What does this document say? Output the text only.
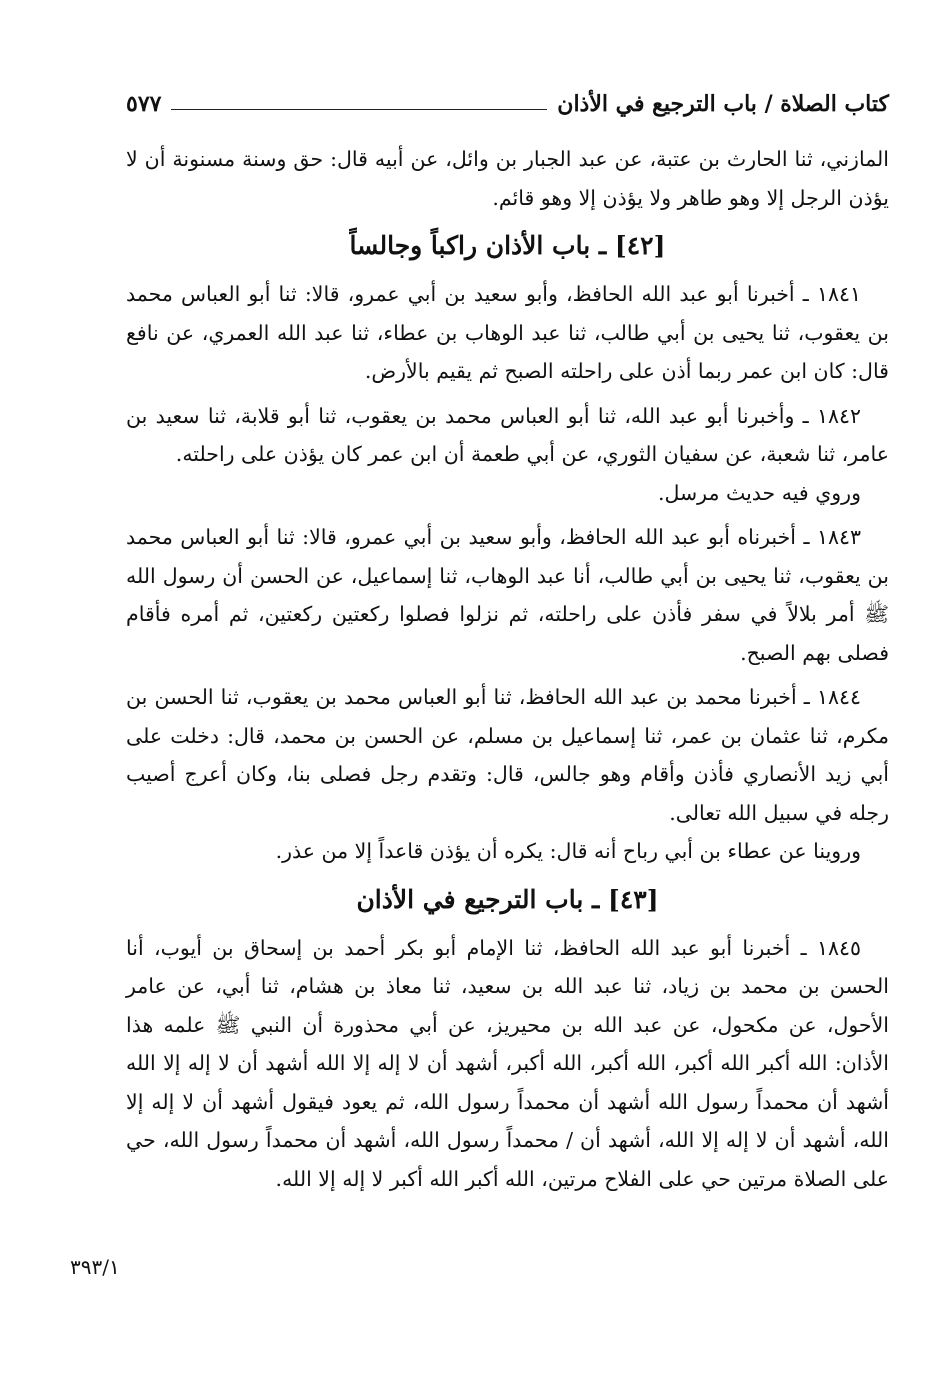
كتاب الصلاة / باب الترجيع في الأذان
٥٧٧

المازني، ثنا الحارث بن عتبة، عن عبد الجبار بن وائل، عن أبيه قال: حق وسنة مسنونة أن لا يؤذن الرجل إلا وهو طاهر ولا يؤذن إلا وهو قائم.

[٤٢] ـ باب الأذان راكباً وجالساً

١٨٤١ ـ أخبرنا أبو عبد الله الحافظ، وأبو سعيد بن أبي عمرو، قالا: ثنا أبو العباس محمد بن يعقوب، ثنا يحيى بن أبي طالب، ثنا عبد الوهاب بن عطاء، ثنا عبد الله العمري، عن نافع قال: كان ابن عمر ربما أذن على راحلته الصبح ثم يقيم بالأرض.

١٨٤٢ ـ وأخبرنا أبو عبد الله، ثنا أبو العباس محمد بن يعقوب، ثنا أبو قلابة، ثنا سعيد بن عامر، ثنا شعبة، عن سفيان الثوري، عن أبي طعمة أن ابن عمر كان يؤذن على راحلته.

وروي فيه حديث مرسل.

١٨٤٣ ـ أخبرناه أبو عبد الله الحافظ، وأبو سعيد بن أبي عمرو، قالا: ثنا أبو العباس محمد بن يعقوب، ثنا يحيى بن أبي طالب، أنا عبد الوهاب، ثنا إسماعيل، عن الحسن أن رسول الله ﷺ أمر بلالاً في سفر فأذن على راحلته، ثم نزلوا فصلوا ركعتين ركعتين، ثم أمره فأقام فصلى بهم الصبح.

١٨٤٤ ـ أخبرنا محمد بن عبد الله الحافظ، ثنا أبو العباس محمد بن يعقوب، ثنا الحسن بن مكرم، ثنا عثمان بن عمر، ثنا إسماعيل بن مسلم، عن الحسن بن محمد، قال: دخلت على أبي زيد الأنصاري فأذن وأقام وهو جالس، قال: وتقدم رجل فصلى بنا، وكان أعرج أصيب رجله في سبيل الله تعالى.

وروينا عن عطاء بن أبي رباح أنه قال: يكره أن يؤذن قاعداً إلا من عذر.

[٤٣] ـ باب الترجيع في الأذان

١٨٤٥ ـ أخبرنا أبو عبد الله الحافظ، ثنا الإمام أبو بكر أحمد بن إسحاق بن أيوب، أنا الحسن بن محمد بن زياد، ثنا عبد الله بن سعيد، ثنا معاذ بن هشام، ثنا أبي، عن عامر الأحول، عن مكحول، عن عبد الله بن محيريز، عن أبي محذورة أن النبي ﷺ علمه هذا الأذان: الله أكبر الله أكبر، الله أكبر، الله أكبر، أشهد أن لا إله إلا الله أشهد أن لا إله إلا الله أشهد أن محمداً رسول الله أشهد أن محمداً رسول الله، ثم يعود فيقول أشهد أن لا إله إلا الله، أشهد أن لا إله إلا الله، أشهد أن / محمداً رسول الله، أشهد أن محمداً رسول الله، حي على الصلاة مرتين حي على الفلاح مرتين، الله أكبر الله أكبر لا إله إلا الله.

٣٩٣/١
